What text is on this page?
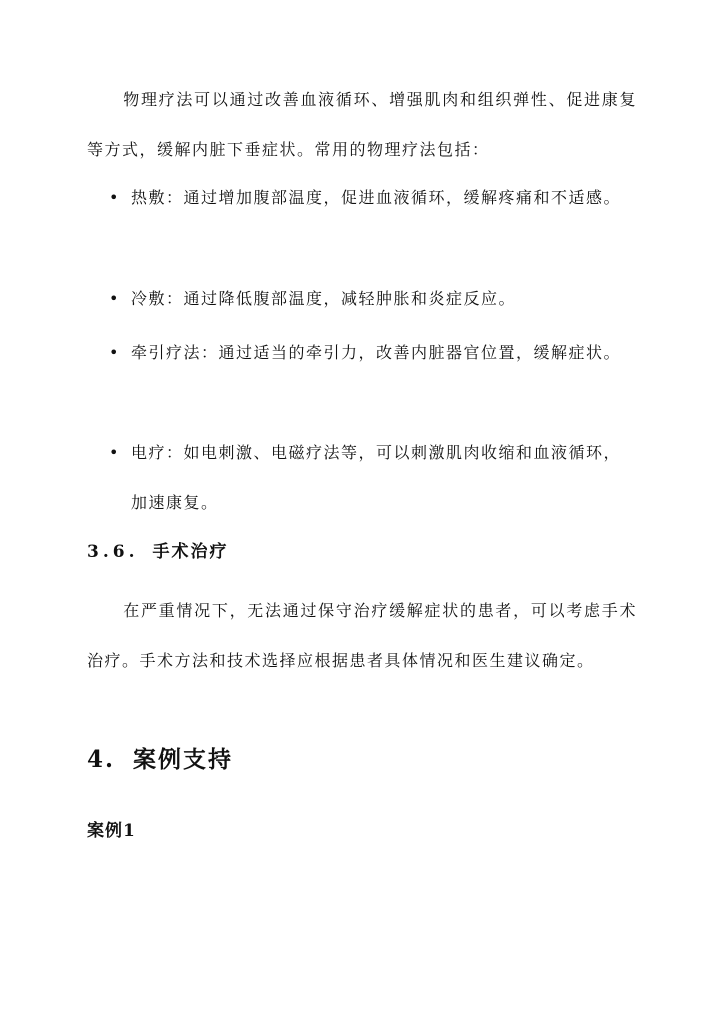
物理疗法可以通过改善血液循环、增强肌肉和组织弹性、促进康复等方式，缓解内脏下垂症状。常用的物理疗法包括：

• 热敷：通过增加腹部温度，促进血液循环，缓解疼痛和不适感。
• 冷敷：通过降低腹部温度，减轻肿胀和炎症反应。
• 牵引疗法：通过适当的牵引力，改善内脏器官位置，缓解症状。
• 电疗：如电刺激、电磁疗法等，可以刺激肌肉收缩和血液循环，加速康复。
3.6. 手术治疗

在严重情况下，无法通过保守治疗缓解症状的患者，可以考虑手术治疗。手术方法和技术选择应根据患者具体情况和医生建议确定。

4. 案例支持
案例1
